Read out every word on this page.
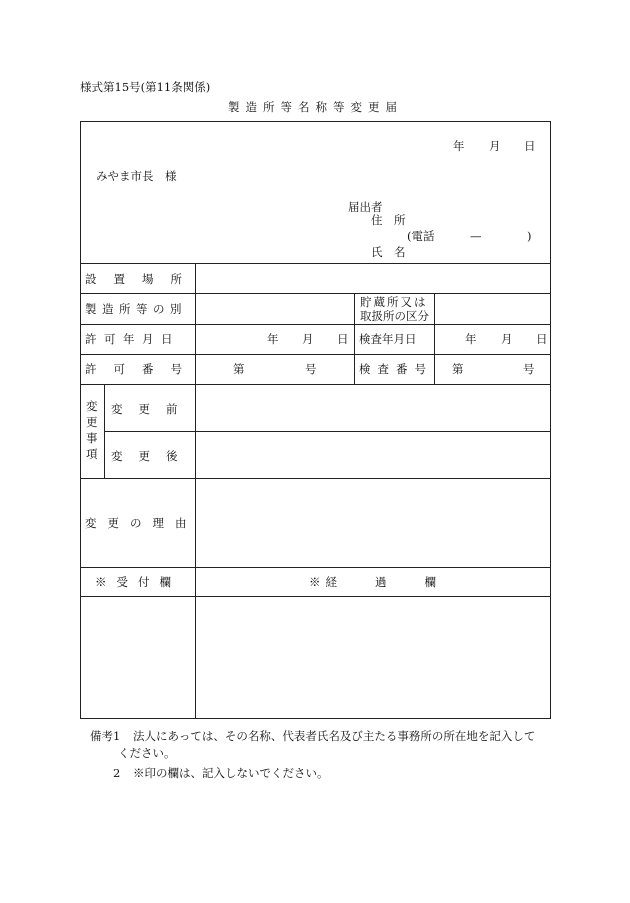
様式第15号(第11条関係)
製造所等名称等変更届
年 月 日
みやま市長　様
届出者
住　所
(電話	—	)
氏　名
設置場所
製造所等の別	貯蔵所又は
取扱所の区分
許可年月日	年 月 日 検査年月日	年 月 日
許可番号	第	号	検査番号 第	号
変
更
事
項
変更前
変更後
変更の理由
※受付欄	※経　　過　　欄
備考1 法人にあっては、その名称、代表者氏名及び主たる事務所の所在地を記入して
ください。
2 ※印の欄は、記入しないでください。
